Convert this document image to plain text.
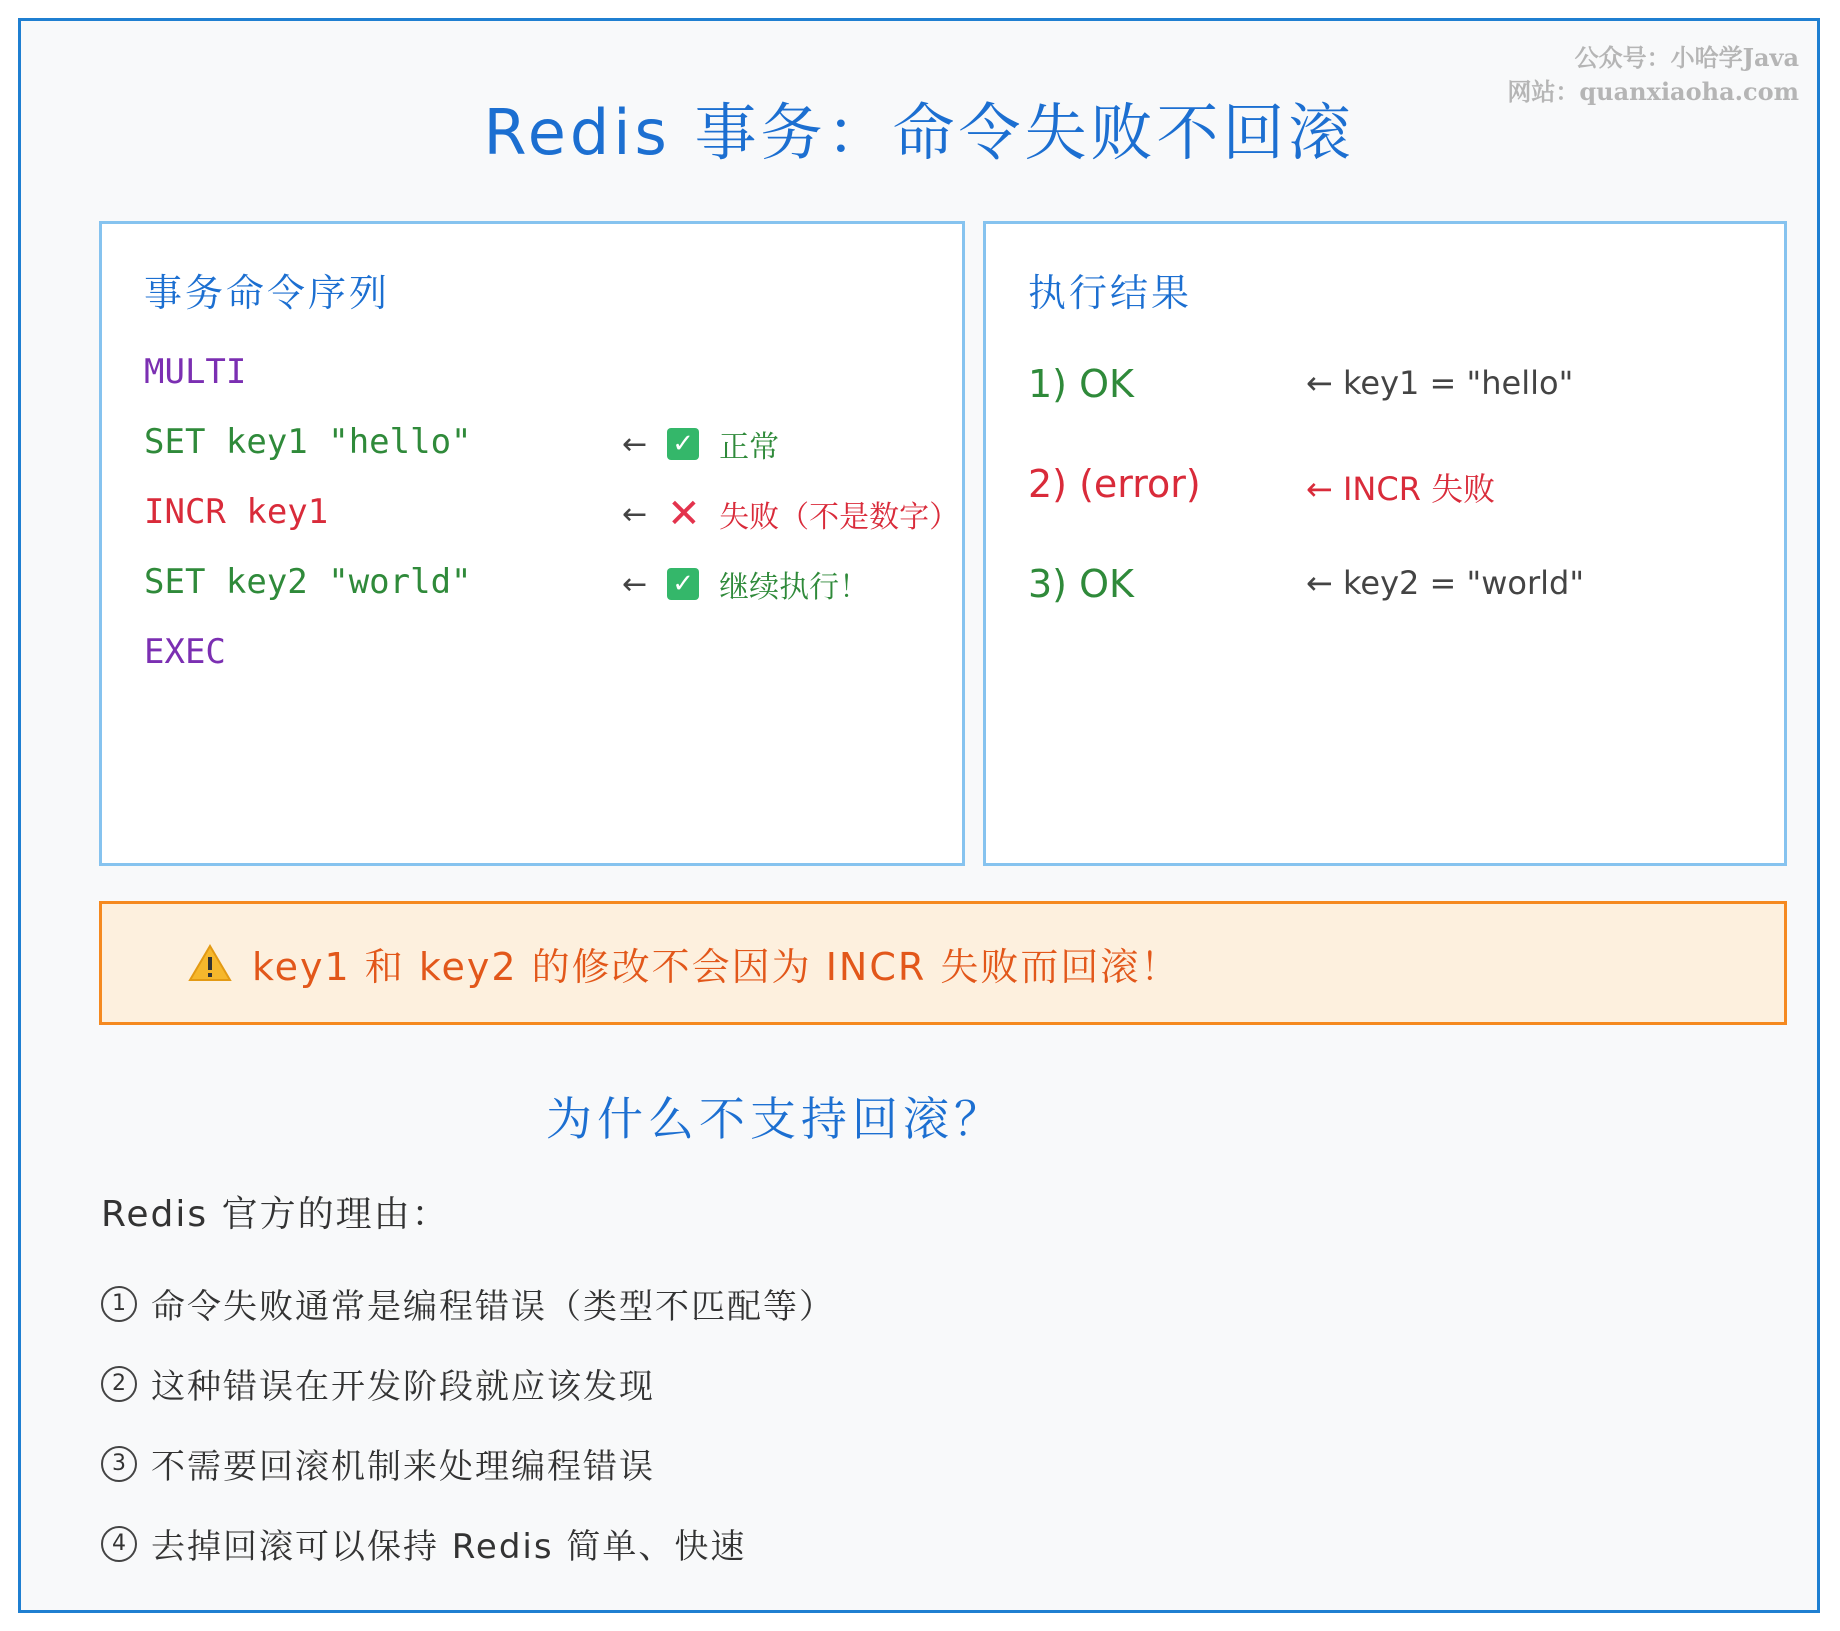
公众号：小哈学Java
网站：quanxiaoha.com
Redis 事务：命令失败不回滚
事务命令序列
MULTI
SET key1 "hello"	← ✓ 正常
INCR key1	← ✕ 失败（不是数字）
SET key2 "world"	← ✓ 继续执行！
EXEC
执行结果
1) OK	← key1 = "hello"
2) (error)	← INCR 失败
3) OK	← key2 = "world"
key1 和 key2 的修改不会因为 INCR 失败而回滚！
为什么不支持回滚？
Redis 官方的理由：
1 命令失败通常是编程错误（类型不匹配等）
2 这种错误在开发阶段就应该发现
3 不需要回滚机制来处理编程错误
4 去掉回滚可以保持 Redis 简单、快速
